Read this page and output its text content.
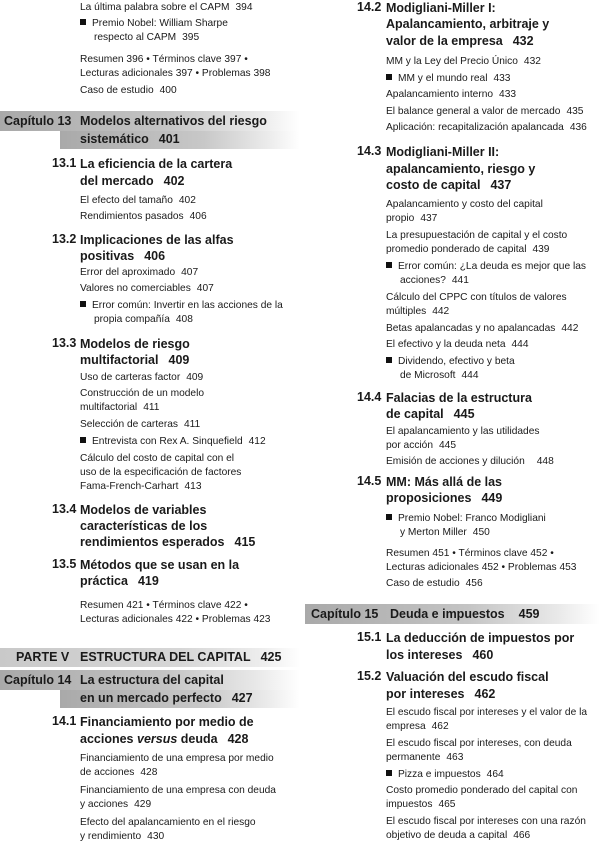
La última palabra sobre el CAPM 394
Premio Nobel: William Sharpe
respecto al CAPM 395
Resumen 396 • Términos clave 397 •
Lecturas adicionales 397 • Problemas 398
Caso de estudio 400
Capítulo 13 Modelos alternativos del riesgo
sistemático 401
13.1 La eficiencia de la cartera
del mercado 402
El efecto del tamaño 402
Rendimientos pasados 406
13.2 Implicaciones de las alfas
positivas 406
Error del aproximado 407
Valores no comerciables 407
Error común: Invertir en las acciones de la
propia compañía 408
13.3 Modelos de riesgo
multifactorial 409
Uso de carteras factor 409
Construcción de un modelo
multifactorial 411
Selección de carteras 411
Entrevista con Rex A. Sinquefield 412
Cálculo del costo de capital con el
uso de la especificación de factores
Fama-French-Carhart 413
13.4 Modelos de variables
características de los
rendimientos esperados 415
13.5 Métodos que se usan en la
práctica 419
Resumen 421 • Términos clave 422 •
Lecturas adicionales 422 • Problemas 423
PARTE V ESTRUCTURA DEL CAPITAL 425
Capítulo 14 La estructura del capital
en un mercado perfecto 427
14.1 Financiamiento por medio de
acciones versus deuda 428
Financiamiento de una empresa por medio
de acciones 428
Financiamiento de una empresa con deuda
y acciones 429
Efecto del apalancamiento en el riesgo
y rendimiento 430
14.2 Modigliani-Miller I:
Apalancamiento, arbitraje y
valor de la empresa 432
MM y la Ley del Precio Único 432
MM y el mundo real 433
Apalancamiento interno 433
El balance general a valor de mercado 435
Aplicación: recapitalización apalancada 436
14.3 Modigliani-Miller II:
apalancamiento, riesgo y
costo de capital 437
Apalancamiento y costo del capital
propio 437
La presupuestación de capital y el costo
promedio ponderado de capital 439
Error común: ¿La deuda es mejor que las
acciones? 441
Cálculo del CPPC con títulos de valores
múltiples 442
Betas apalancadas y no apalancadas 442
El efectivo y la deuda neta 444
Dividendo, efectivo y beta
de Microsoft 444
14.4 Falacias de la estructura
de capital 445
El apalancamiento y las utilidades
por acción 445
Emisión de acciones y dilución 448
14.5 MM: Más allá de las
proposiciones 449
Premio Nobel: Franco Modigliani
y Merton Miller 450
Resumen 451 • Términos clave 452 •
Lecturas adicionales 452 • Problemas 453
Caso de estudio 456
Capítulo 15 Deuda e impuestos 459
15.1 La deducción de impuestos por
los intereses 460
15.2 Valuación del escudo fiscal
por intereses 462
El escudo fiscal por intereses y el valor de la
empresa 462
El escudo fiscal por intereses, con deuda
permanente 463
Pizza e impuestos 464
Costo promedio ponderado del capital con
impuestos 465
El escudo fiscal por intereses con una razón
objetivo de deuda a capital 466
